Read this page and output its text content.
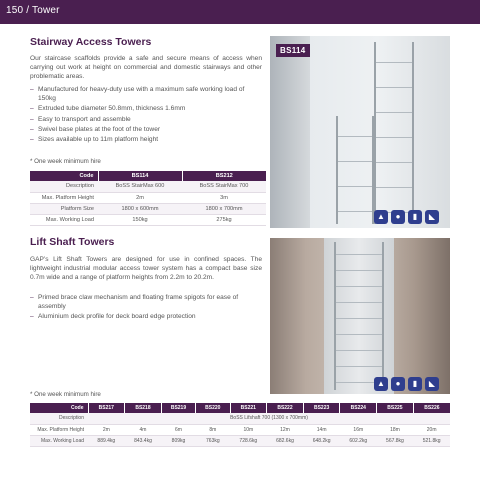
150 / Tower
Stairway Access Towers

Our staircase scaffolds provide a safe and secure means of access when carrying out work at height on commercial and domestic stairways and other problematic areas.

– Manufactured for heavy-duty use with a maximum safe working load of 150kg
– Extruded tube diameter 50.8mm, thickness 1.6mm
– Easy to transport and assemble
– Swivel base plates at the foot of the tower
– Sizes available up to 11m platform height
* One week minimum hire
Code	BS114	BS212
Description	BoSS StairMax 600	BoSS StairMax 700
Max. Platform Height	2m	3m
Platform Size	1800 x 600mm	1800 x 700mm
Max. Working Load	150kg	275kg
BS114
▲	●	▮	◣
Lift Shaft Towers

GAP’s Lift Shaft Towers are designed for use in confined spaces. The lightweight industrial modular access tower system has a compact base size 0.7m wide and a range of platform heights from 2.2m to 20.2m.

– Primed brace claw mechanism and floating frame spigots for ease of assembly
– Aluminium deck profile for deck board edge protection
* One week minimum hire
▲	●	▮	◣
Code	BS217	BS218	BS219	BS220	BS221	BS222	BS223	BS224	BS225	BS226
Description	BoSS Lifshaft 700 (1300 x 700mm)									
Max. Platform Height	2m	4m	6m	8m	10m	12m	14m	16m	18m	20m
Max. Working Load	889.4kg	843.4kg	809kg	763kg	728.6kg	682.6kg	648.2kg	602.2kg	567.8kg	521.8kg
